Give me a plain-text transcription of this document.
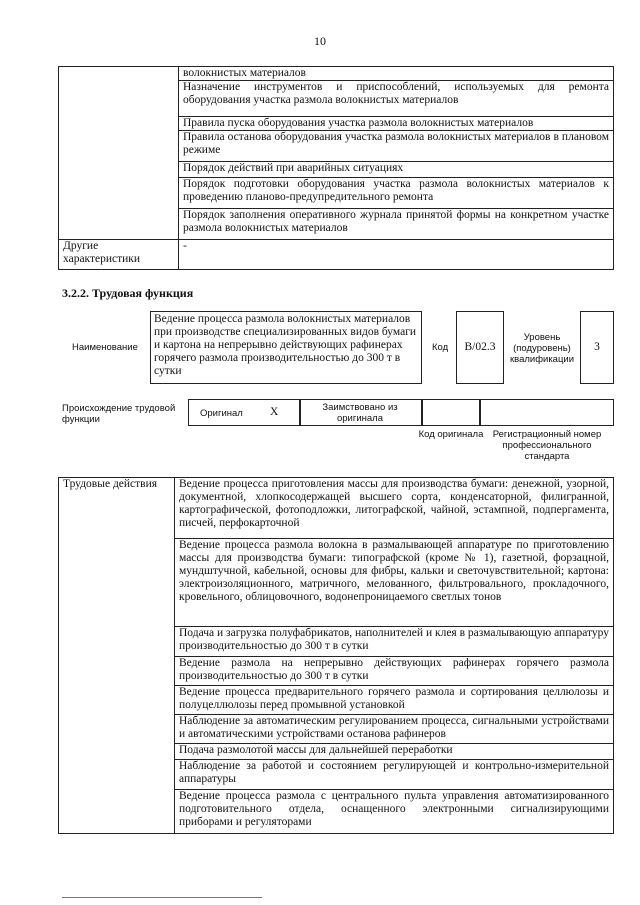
10
	волокнистых материалов
	Назначение инструментов и приспособлений, используемых для ремонта оборудования участка размола волокнистых материалов
	Правила пуска оборудования участка размола волокнистых материалов
	Правила останова оборудования участка размола волокнистых материалов в плановом режиме
	Порядок действий при аварийных ситуациях
	Порядок подготовки оборудования участка размола волокнистых материалов к проведению планово-предупредительного ремонта
	Порядок заполнения оперативного журнала принятой формы на конкретном участке размола волокнистых материалов
Другие характеристики	-
3.2.2. Трудовая функция
Наименование
Ведение процесса размола волокнистых материалов при производстве специализированных видов бумаги и картона на непрерывно действующих рафинерах горячего размола производительностью до 300 т в сутки
Код	B/02.3
Уровень (подуровень) квалификации
3
Происхождение трудовой функции
Оригинал X	Заимствовано из оригинала
Код оригинала Регистрационный номер профессионального стандарта
Трудовые действия	Ведение процесса приготовления массы для производства бумаги: денежной, узорной, документной, хлопкосодержащей высшего сорта, конденсаторной, филигранной, картографической, фотоподложки, литографской, чайной, эстампной, подпергамента, писчей, перфокарточной
Ведение процесса размола волокна в размалывающей аппаратуре по приготовлению массы для производства бумаги: типографской (кроме № 1), газетной, форзацной, мундштучной, кабельной, основы для фибры, кальки и светочувствительной; картона: электроизоляционного, матричного, мелованного, фильтровального, прокладочного, кровельного, облицовочного, водонепроницаемого светлых тонов
Подача и загрузка полуфабрикатов, наполнителей и клея в размалывающую аппаратуру производительностью до 300 т в сутки
Ведение размола на непрерывно действующих рафинерах горячего размола производительностью до 300 т в сутки
Ведение процесса предварительного горячего размола и сортирования целлюлозы и полуцеллюлозы перед промывной установкой
Наблюдение за автоматическим регулированием процесса, сигнальными устройствами и автоматическими устройствами останова рафинеров
Подача размолотой массы для дальнейшей переработки
Наблюдение за работой и состоянием регулирующей и контрольно-измерительной аппаратуры
Ведение процесса размола с центрального пульта управления автоматизированного подготовительного отдела, оснащенного электронными сигнализирующими приборами и регуляторами
